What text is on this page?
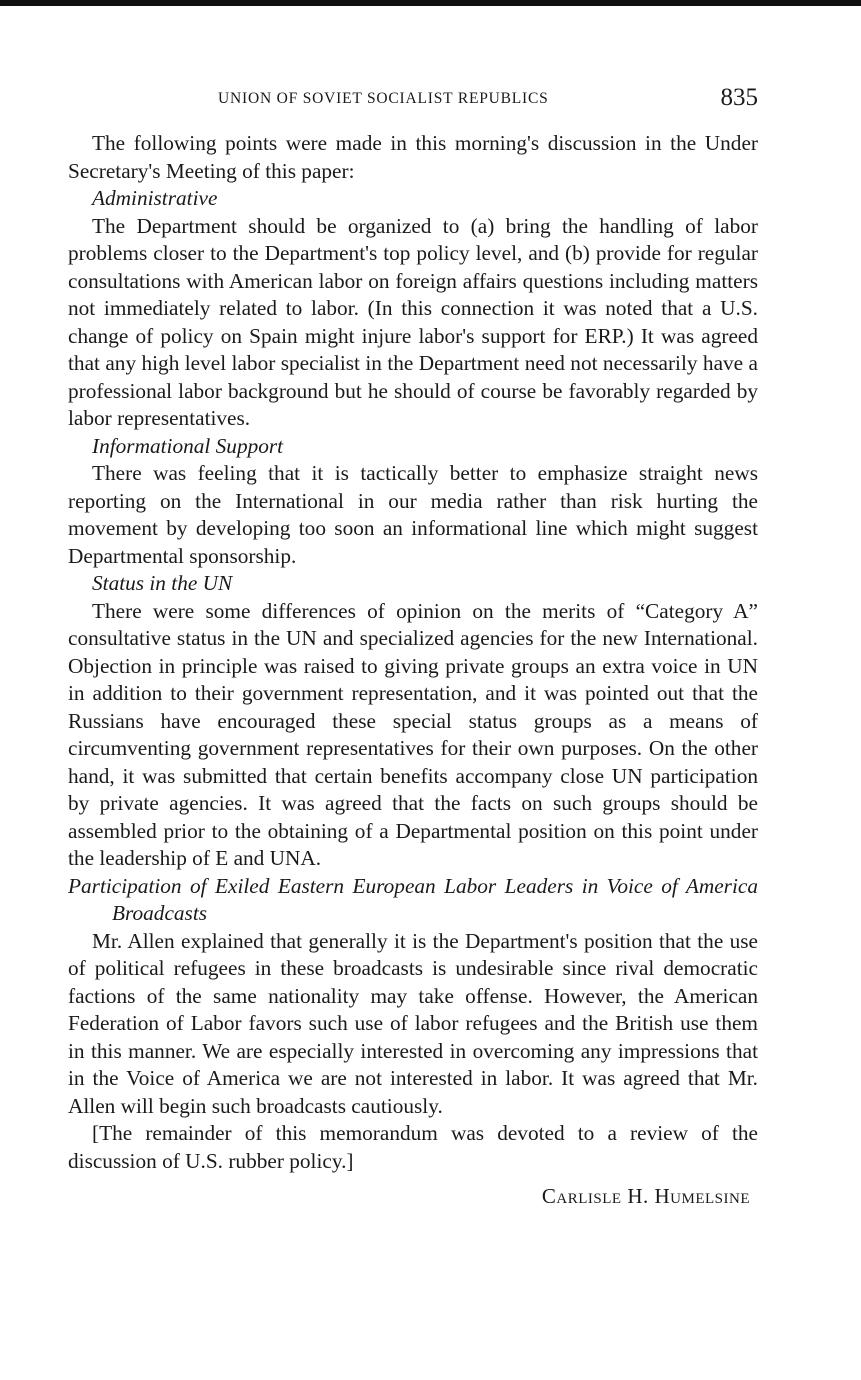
UNION OF SOVIET SOCIALIST REPUBLICS	835

The following points were made in this morning's discussion in the Under Secretary's Meeting of this paper:

Administrative

The Department should be organized to (a) bring the handling of labor problems closer to the Department's top policy level, and (b) provide for regular consultations with American labor on foreign affairs questions including matters not immediately related to labor. (In this connection it was noted that a U.S. change of policy on Spain might injure labor's support for ERP.) It was agreed that any high level labor specialist in the Department need not necessarily have a professional labor background but he should of course be favorably regarded by labor representatives.

Informational Support

There was feeling that it is tactically better to emphasize straight news reporting on the International in our media rather than risk hurting the movement by developing too soon an informational line which might suggest Departmental sponsorship.

Status in the UN

There were some differences of opinion on the merits of “Category A” consultative status in the UN and specialized agencies for the new International. Objection in principle was raised to giving private groups an extra voice in UN in addition to their government representation, and it was pointed out that the Russians have encouraged these special status groups as a means of circumventing government representatives for their own purposes. On the other hand, it was submitted that certain benefits accompany close UN participation by private agencies. It was agreed that the facts on such groups should be assembled prior to the obtaining of a Departmental position on this point under the leadership of E and UNA.

Participation of Exiled Eastern European Labor Leaders in Voice of America Broadcasts

Mr. Allen explained that generally it is the Department's position that the use of political refugees in these broadcasts is undesirable since rival democratic factions of the same nationality may take offense. However, the American Federation of Labor favors such use of labor refugees and the British use them in this manner. We are especially interested in overcoming any impressions that in the Voice of America we are not interested in labor. It was agreed that Mr. Allen will begin such broadcasts cautiously.

[The remainder of this memorandum was devoted to a review of the discussion of U.S. rubber policy.]

Carlisle H. Humelsine
